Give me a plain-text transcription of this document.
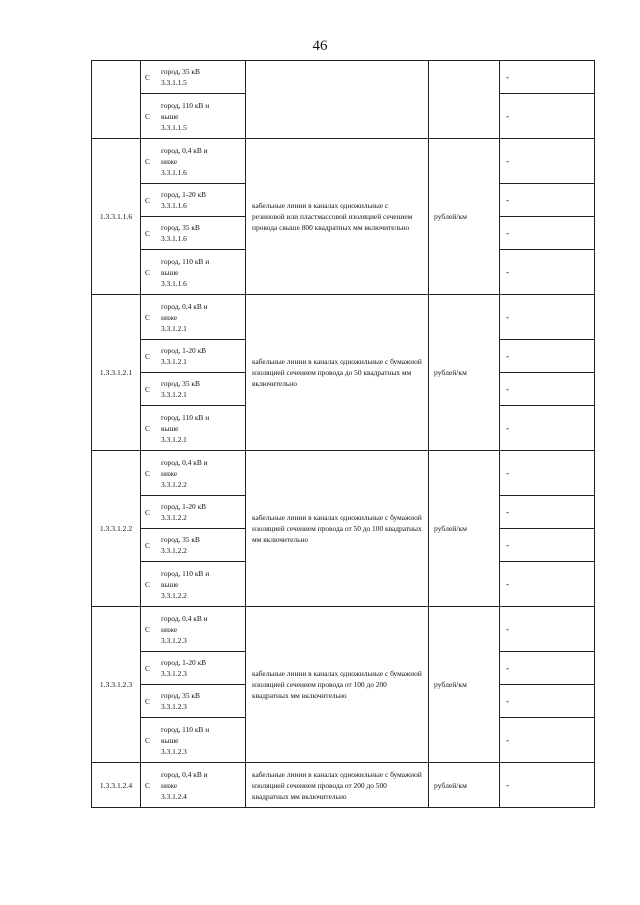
46

	С
город, 35 кВ
3.3.1.1.5			-

	С
город, 110 кВ и
выше
3.3.1.1.5			-
1.3.3.1.1.6	С
город, 0,4 кВ и
ниже
3.3.1.1.6	кабельные линии в каналах одножильные с резиновой или пластмассовой изоляцией сечением провода свыше 800 квадратных мм включительно	рублей/км	-

	С
город, 1-20 кВ
3.3.1.1.6			-

	С
город, 35 кВ
3.3.1.1.6			-

	С
город, 110 кВ и
выше
3.3.1.1.6			-
1.3.3.1.2.1	С
город, 0,4 кВ и
ниже
3.3.1.2.1	кабельные линии в каналах одножильные с бумажной изоляцией сечением провода до 50 квадратных мм включительно	рублей/км	-

	С
город, 1-20 кВ
3.3.1.2.1			-

	С
город, 35 кВ
3.3.1.2.1			-

	С
город, 110 кВ и
выше
3.3.1.2.1			-
1.3.3.1.2.2	С
город, 0,4 кВ и
ниже
3.3.1.2.2	кабельные линии в каналах одножильные с бумажной изоляцией сечением провода от 50 до 100 квадратных мм включительно	рублей/км	-

	С
город, 1-20 кВ
3.3.1.2.2			-

	С
город, 35 кВ
3.3.1.2.2			-

	С
город, 110 кВ и
выше
3.3.1.2.2			-
1.3.3.1.2.3	С
город, 0,4 кВ и
ниже
3.3.1.2.3	кабельные линии в каналах одножильные с бумажной изоляцией сечением провода от 100 до 200 квадратных мм включительно	рублей/км	-

	С
город, 1-20 кВ
3.3.1.2.3			-

	С
город, 35 кВ
3.3.1.2.3			-

	С
город, 110 кВ и
выше
3.3.1.2.3			-
1.3.3.1.2.4	С
город, 0,4 кВ и
ниже
3.3.1.2.4	кабельные линии в каналах одножильные с бумажной изоляцией сечением провода от 200 до 500 квадратных мм включительно	рублей/км	-
